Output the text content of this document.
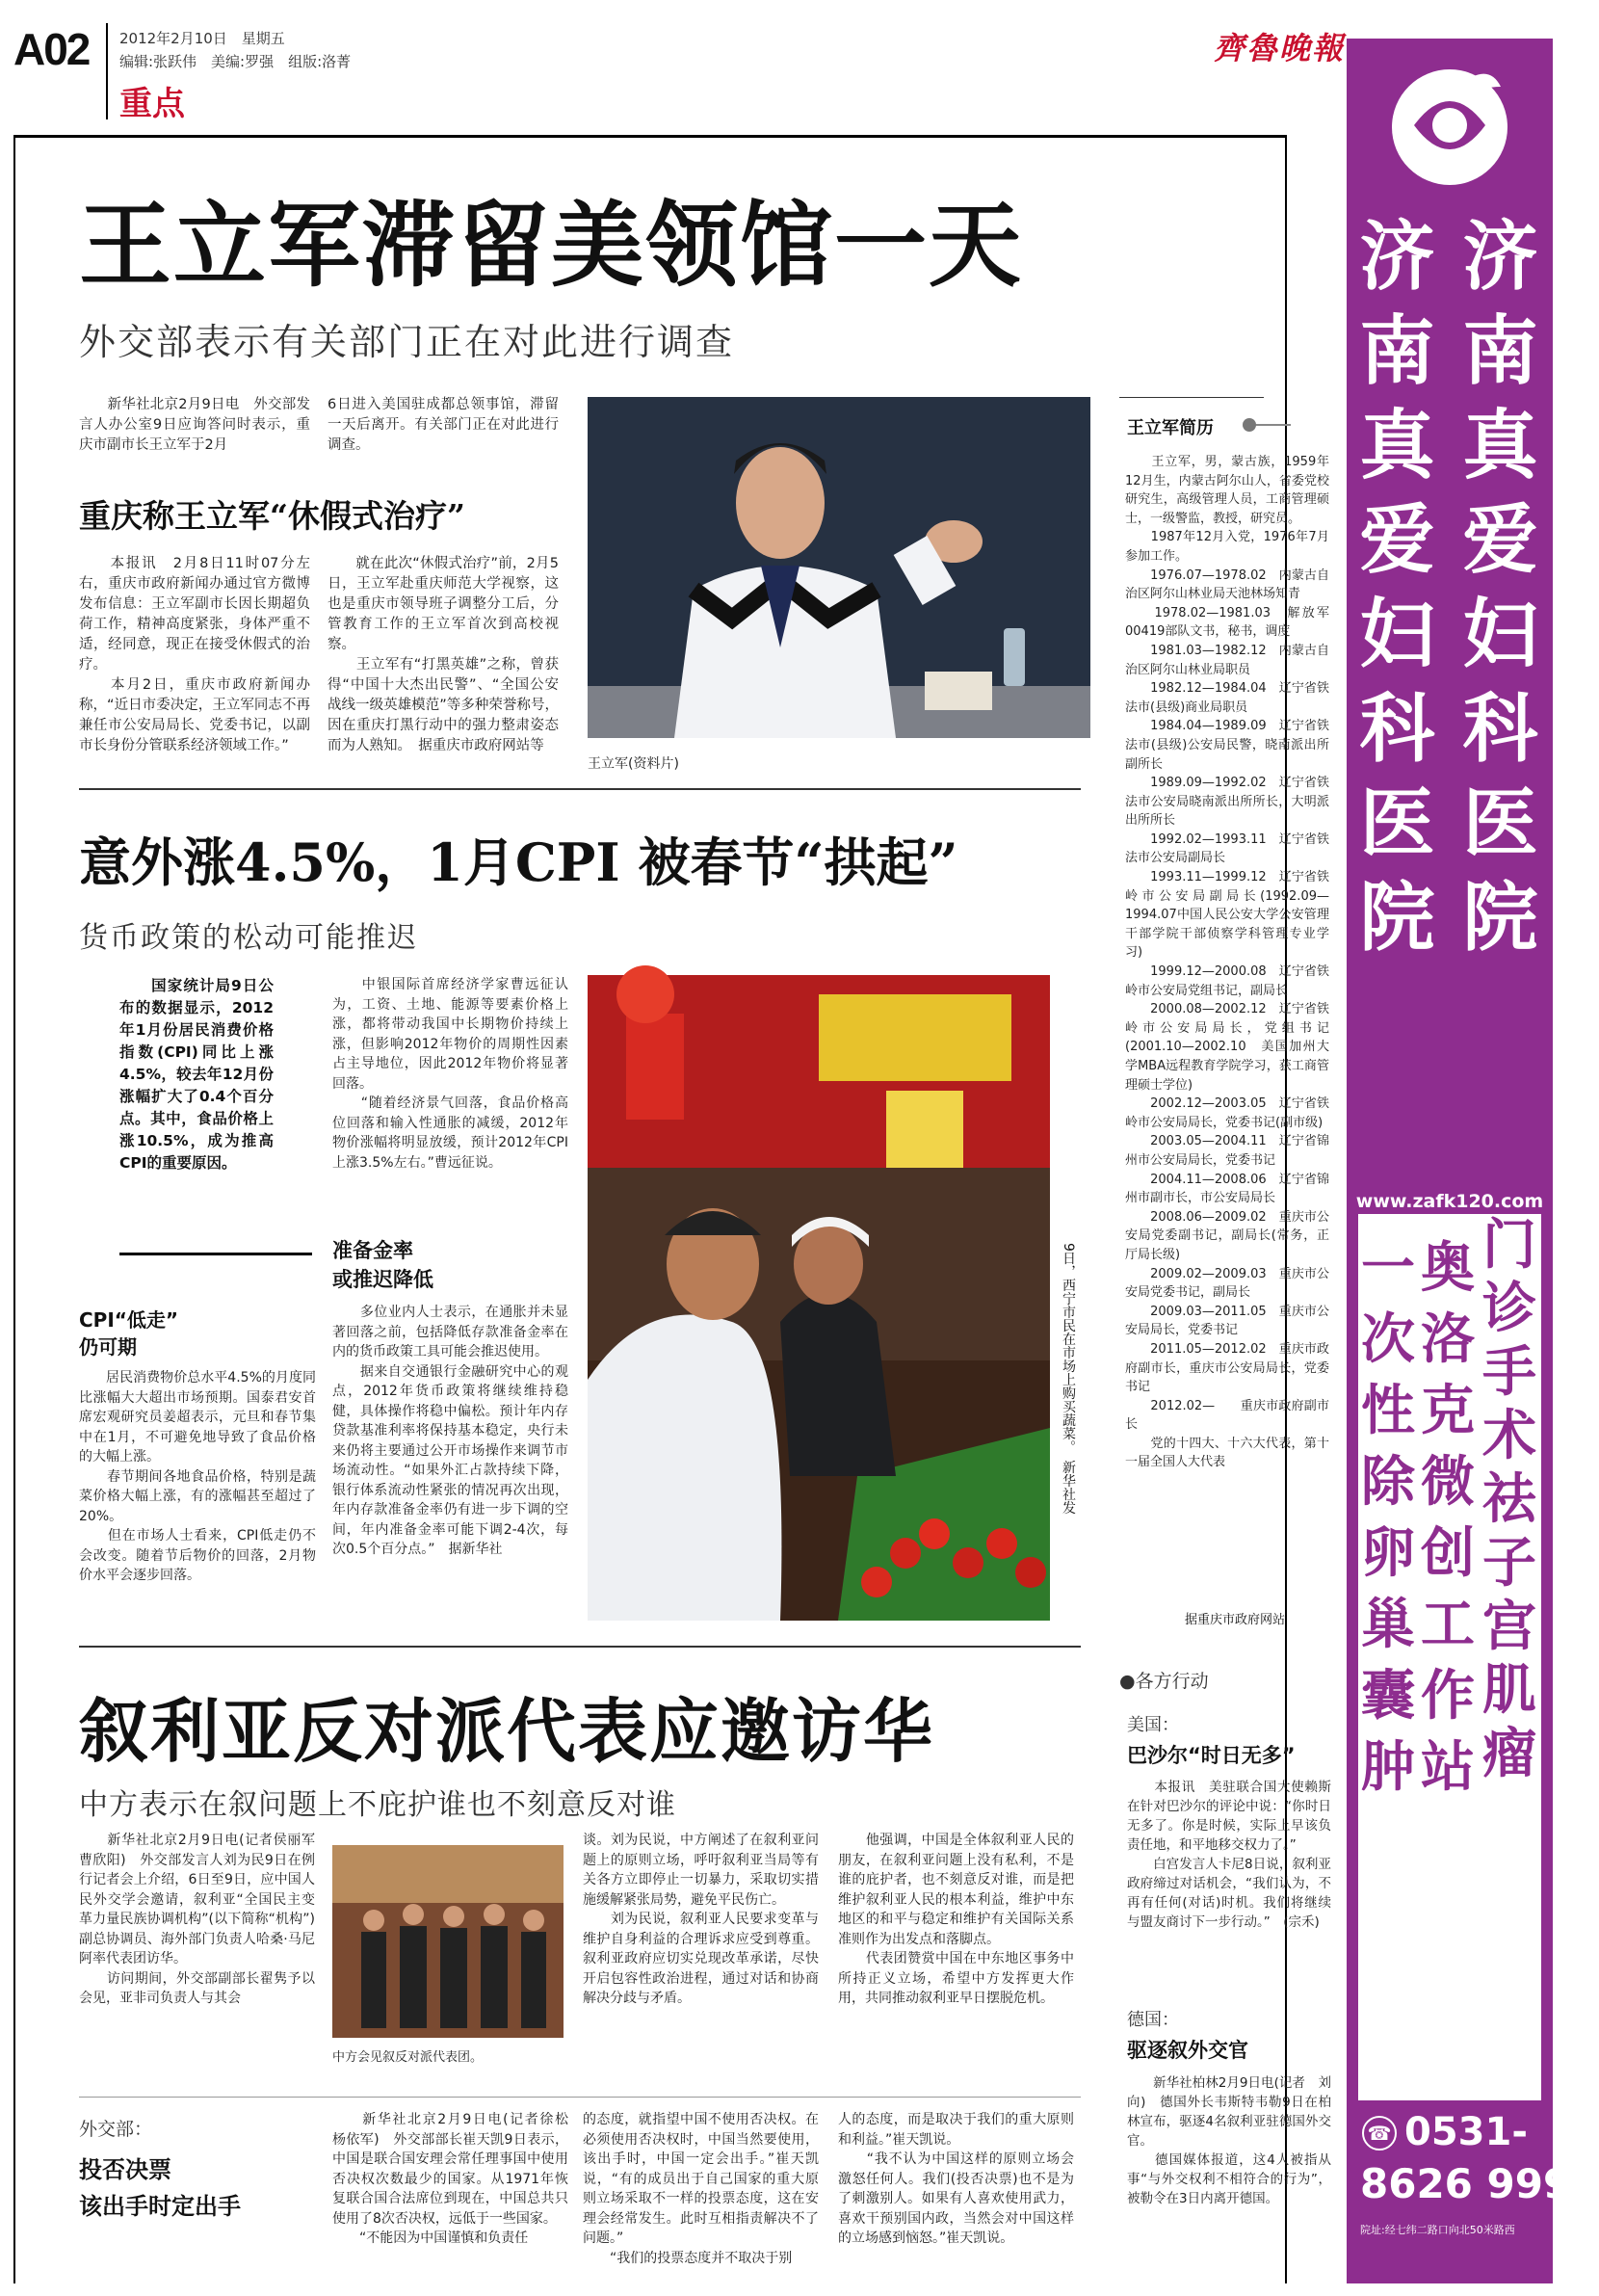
A02 2012年2月10日　星期五
编辑:张跃伟　美编:罗强　组版:洛菁
重点
齊魯晚報
王立军滞留美领馆一天
外交部表示有关部门正在对此进行调查
　　新华社北京2月9日电　外交部发言人办公室9日应询答问时表示，重庆市副市长王立军于2月
6日进入美国驻成都总领事馆，滞留一天后离开。有关部门正在对此进行调查。
重庆称王立军“休假式治疗”
　　本报讯　2月8日11时07分左右，重庆市政府新闻办通过官方微博发布信息：王立军副市长因长期超负荷工作，精神高度紧张，身体严重不适，经同意，现正在接受休假式的治疗。
　　本月2日，重庆市政府新闻办称，“近日市委决定，王立军同志不再兼任市公安局局长、党委书记，以副市长身份分管联系经济领域工作。”
　　就在此次“休假式治疗”前，2月5日，王立军赴重庆师范大学视察，这也是重庆市领导班子调整分工后，分管教育工作的王立军首次到高校视察。
　　王立军有“打黑英雄”之称，曾获得“中国十大杰出民警”、“全国公安战线一级英雄模范”等多种荣誉称号，因在重庆打黑行动中的强力整肃姿态而为人熟知。　据重庆市政府网站等
王立军(资料片)
王立军简历
　　王立军，男，蒙古族，1959年12月生，内蒙古阿尔山人，省委党校研究生，高级管理人员，工商管理硕士，一级警监，教授，研究员。
　　1987年12月入党，1976年7月参加工作。
　　1976.07—1978.02　内蒙古自治区阿尔山林业局天池林场知青
　　1978.02—1981.03　解放军00419部队文书，秘书，调度
　　1981.03—1982.12　内蒙古自治区阿尔山林业局职员
　　1982.12—1984.04　辽宁省铁法市(县级)商业局职员
　　1984.04—1989.09　辽宁省铁法市(县级)公安局民警，晓南派出所副所长
　　1989.09—1992.02　辽宁省铁法市公安局晓南派出所所长，大明派出所所长
　　1992.02—1993.11　辽宁省铁法市公安局副局长
　　1993.11—1999.12　辽宁省铁岭市公安局副局长(1992.09—1994.07中国人民公安大学公安管理干部学院干部侦察学科管理专业学习)
　　1999.12—2000.08　辽宁省铁岭市公安局党组书记，副局长
　　2000.08—2002.12　辽宁省铁岭市公安局局长，党组书记(2001.10—2002.10　美国加州大学MBA远程教育学院学习，获工商管理硕士学位)
　　2002.12—2003.05　辽宁省铁岭市公安局局长，党委书记(副市级)
　　2003.05—2004.11　辽宁省锦州市公安局局长，党委书记
　　2004.11—2008.06　辽宁省锦州市副市长，市公安局局长
　　2008.06—2009.02　重庆市公安局党委副书记，副局长(常务，正厅局长级)
　　2009.02—2009.03　重庆市公安局党委书记，副局长
　　2009.03—2011.05　重庆市公安局局长，党委书记
　　2011.05—2012.02　重庆市政府副市长，重庆市公安局局长，党委书记
　　2012.02—　　重庆市政府副市长
　　党的十四大、十六大代表，第十一届全国人大代表
据重庆市政府网站
意外涨4.5%，1月CPI 被春节“拱起”
货币政策的松动可能推迟
　　国家统计局9日公布的数据显示，2012年1月份居民消费价格指数(CPI)同比上涨4.5%，较去年12月份涨幅扩大了0.4个百分点。其中，食品价格上涨10.5%，成为推高CPI的重要原因。
CPI“低走”
仍可期
　　居民消费物价总水平4.5%的月度同比涨幅大大超出市场预期。国泰君安首席宏观研究员姜超表示，元旦和春节集中在1月，不可避免地导致了食品价格的大幅上涨。
　　春节期间各地食品价格，特别是蔬菜价格大幅上涨，有的涨幅甚至超过了20%。
　　但在市场人士看来，CPI低走仍不会改变。随着节后物价的回落，2月物价水平会逐步回落。
　　中银国际首席经济学家曹远征认为，工资、土地、能源等要素价格上涨，都将带动我国中长期物价持续上涨，但影响2012年物价的周期性因素占主导地位，因此2012年物价将显著回落。
　　“随着经济景气回落，食品价格高位回落和输入性通胀的减缓，2012年物价涨幅将明显放缓，预计2012年CPI上涨3.5%左右。”曹远征说。
准备金率
或推迟降低
　　多位业内人士表示，在通胀并未显著回落之前，包括降低存款准备金率在内的货币政策工具可能会推迟使用。
　　据来自交通银行金融研究中心的观点，2012年货币政策将继续维持稳健，具体操作将稳中偏松。预计年内存贷款基准利率将保持基本稳定，央行未来仍将主要通过公开市场操作来调节市场流动性。“如果外汇占款持续下降，银行体系流动性紧张的情况再次出现，年内存款准备金率仍有进一步下调的空间，年内准备金率可能下调2-4次，每次0.5个百分点。”　据新华社
9日，西宁市民在市场上购买蔬菜。　新华社发
叙利亚反对派代表应邀访华
中方表示在叙问题上不庇护谁也不刻意反对谁
　　新华社北京2月9日电(记者侯丽军　曹欣阳)　外交部发言人刘为民9日在例行记者会上介绍，6日至9日，应中国人民外交学会邀请，叙利亚“全国民主变革力量民族协调机构”(以下简称“机构”)副总协调员、海外部门负责人哈桑·马尼阿率代表团访华。
　　访问期间，外交部副部长翟隽予以会见，亚非司负责人与其会
中方会见叙反对派代表团。
谈。刘为民说，中方阐述了在叙利亚问题上的原则立场，呼吁叙利亚当局等有关各方立即停止一切暴力，采取切实措施缓解紧张局势，避免平民伤亡。
　　刘为民说，叙利亚人民要求变革与维护自身利益的合理诉求应受到尊重。叙利亚政府应切实兑现改革承诺，尽快开启包容性政治进程，通过对话和协商解决分歧与矛盾。
　　他强调，中国是全体叙利亚人民的朋友，在叙利亚问题上没有私利，不是谁的庇护者，也不刻意反对谁，而是把维护叙利亚人民的根本利益，维护中东地区的和平与稳定和维护有关国际关系准则作为出发点和落脚点。
　　代表团赞赏中国在中东地区事务中所持正义立场，希望中方发挥更大作用，共同推动叙利亚早日摆脱危机。
外交部：
投否决票
该出手时定出手
　　新华社北京2月9日电(记者徐松　杨依军)　外交部部长崔天凯9日表示，中国是联合国安理会常任理事国中使用否决权次数最少的国家。从1971年恢复联合国合法席位到现在，中国总共只使用了8次否决权，远低于一些国家。
　　“不能因为中国谨慎和负责任
的态度，就指望中国不使用否决权。在必须使用否决权时，中国当然要使用，该出手时，中国一定会出手。”崔天凯说，“有的成员出于自己国家的重大原则立场采取不一样的投票态度，这在安理会经常发生。此时互相指责解决不了问题。”
　　“我们的投票态度并不取决于别
人的态度，而是取决于我们的重大原则和利益。”崔天凯说。
　　“我不认为中国这样的原则立场会激怒任何人。我们(投否决票)也不是为了刺激别人。如果有人喜欢使用武力，喜欢干预别国内政，当然会对中国这样的立场感到恼怒。”崔天凯说。
●各方行动
美国：
巴沙尔“时日无多”
　　本报讯　美驻联合国大使赖斯在针对巴沙尔的评论中说：“你时日无多了。你是时候，实际上早该负责任地，和平地移交权力了。”
　　白宫发言人卡尼8日说，叙利亚政府缔过对话机会，“我们认为，不再有任何(对话)时机。我们将继续与盟友商讨下一步行动。”　(宗禾)
德国：
驱逐叙外交官
　　新华社柏林2月9日电(记者　刘向)　德国外长韦斯特韦勒9日在柏林宣布，驱逐4名叙利亚驻德国外交官。
　　德国媒体报道，这4人被指从事“与外交权利不相符合的行为”，被勒令在3日内离开德国。
济
南
真
爱
妇
科
医
院
济
南
真
爱
妇
科
医
院
www.zafk120.com
一
次
性
除
卵
巢
囊
肿
奥
洛
克
微
创
工
作
站
门
诊
手
术
祛
子
宫
肌
瘤
☎ 0531-
8626 9999
院址:经七纬二路口向北50米路西
